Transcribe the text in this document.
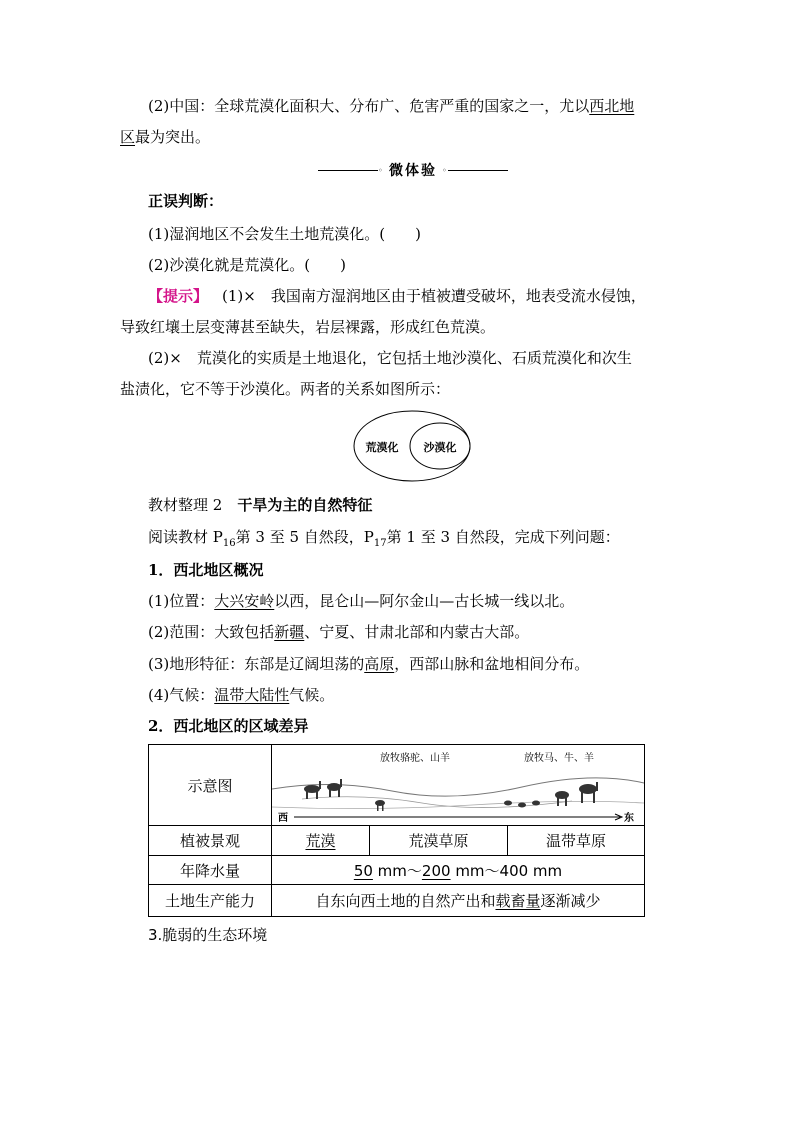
(2)中国：全球荒漠化面积大、分布广、危害严重的国家之一，尤以西北地
区最为突出。
◦ 微体验 ◦
正误判断：
(1)湿润地区不会发生土地荒漠化。(　　)
(2)沙漠化就是荒漠化。(　　)
【提示】 (1)×　我国南方湿润地区由于植被遭受破坏，地表受流水侵蚀，
导致红壤土层变薄甚至缺失，岩层裸露，形成红色荒漠。
(2)×　荒漠化的实质是土地退化，它包括土地沙漠化、石质荒漠化和次生
盐渍化，它不等于沙漠化。两者的关系如图所示：
荒漠化 沙漠化
教材整理 2　干旱为主的自然特征
阅读教材 $P_{16}$第 3 至 5 自然段，$P_{17}$第 1 至 3 自然段，完成下列问题：
1．西北地区概况
(1)位置：大兴安岭以西，昆仑山—阿尔金山—古长城一线以北。
(2)范围：大致包括新疆、宁夏、甘肃北部和内蒙古大部。
(3)地形特征：东部是辽阔坦荡的高原，西部山脉和盆地相间分布。
(4)气候：温带大陆性气候。
2．西北地区的区域差异
示意图	放牧骆驼、山羊 放牧马、牛、羊
西 东		

植被景观	荒漠	荒漠草原	温带草原
年降水量	50 mm～200 mm～400 mm		
土地生产能力	自东向西土地的自然产出和载畜量逐渐减少		
3.脆弱的生态环境
